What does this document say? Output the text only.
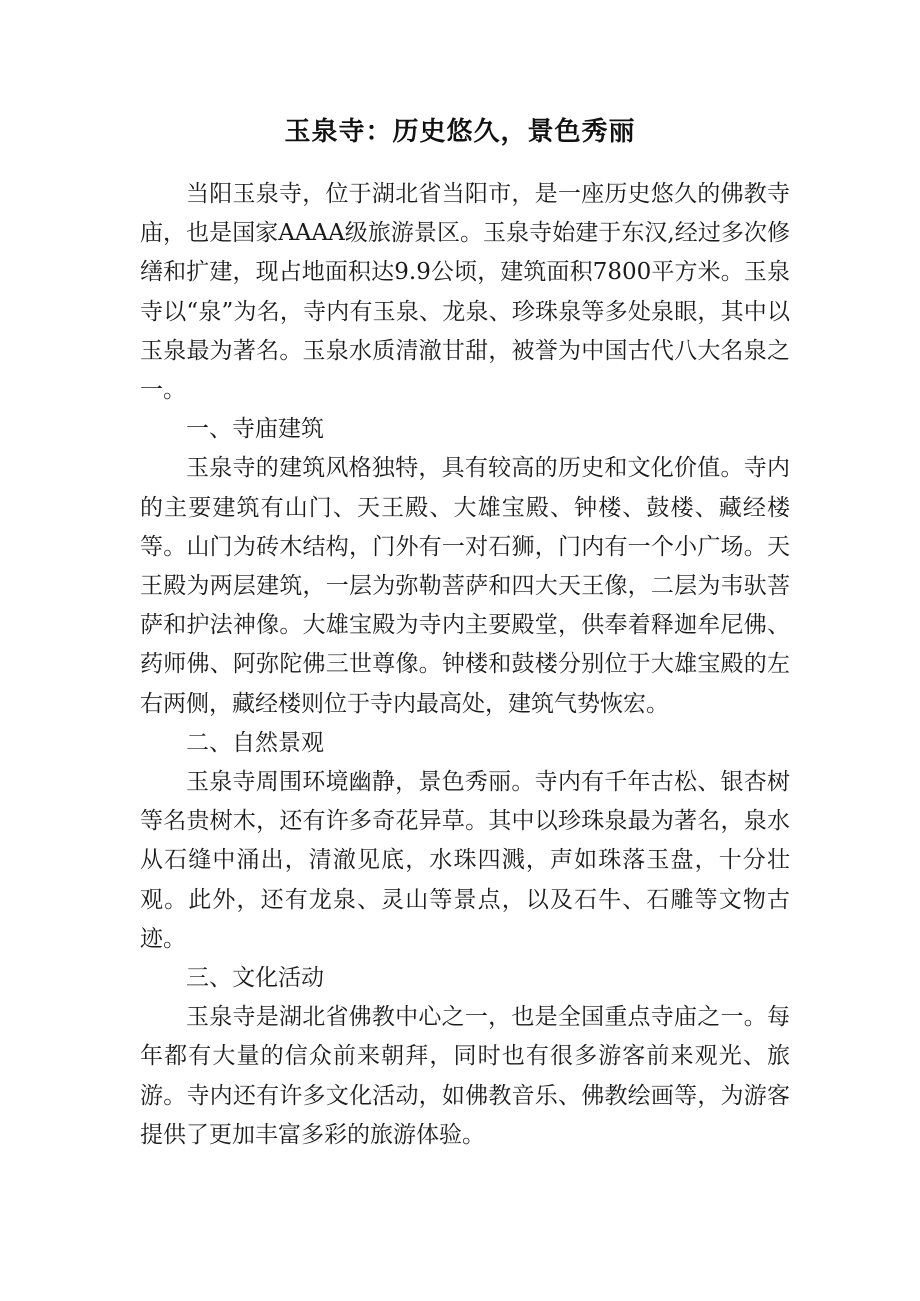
玉泉寺：历史悠久，景色秀丽

当阳玉泉寺，位于湖北省当阳市，是一座历史悠久的佛教寺庙，也是国家AAAA级旅游景区。玉泉寺始建于东汉,经过多次修缮和扩建，现占地面积达9.9公顷，建筑面积7800平方米。玉泉寺以“泉”为名，寺内有玉泉、龙泉、珍珠泉等多处泉眼，其中以玉泉最为著名。玉泉水质清澈甘甜，被誉为中国古代八大名泉之一。

一、寺庙建筑

玉泉寺的建筑风格独特，具有较高的历史和文化价值。寺内的主要建筑有山门、天王殿、大雄宝殿、钟楼、鼓楼、藏经楼等。山门为砖木结构，门外有一对石狮，门内有一个小广场。天王殿为两层建筑，一层为弥勒菩萨和四大天王像，二层为韦驮菩萨和护法神像。大雄宝殿为寺内主要殿堂，供奉着释迦牟尼佛、药师佛、阿弥陀佛三世尊像。钟楼和鼓楼分别位于大雄宝殿的左右两侧，藏经楼则位于寺内最高处，建筑气势恢宏。

二、自然景观

玉泉寺周围环境幽静，景色秀丽。寺内有千年古松、银杏树等名贵树木，还有许多奇花异草。其中以珍珠泉最为著名，泉水从石缝中涌出，清澈见底，水珠四溅，声如珠落玉盘，十分壮观。此外，还有龙泉、灵山等景点，以及石牛、石雕等文物古迹。

三、文化活动

玉泉寺是湖北省佛教中心之一，也是全国重点寺庙之一。每年都有大量的信众前来朝拜，同时也有很多游客前来观光、旅游。寺内还有许多文化活动，如佛教音乐、佛教绘画等，为游客提供了更加丰富多彩的旅游体验。
